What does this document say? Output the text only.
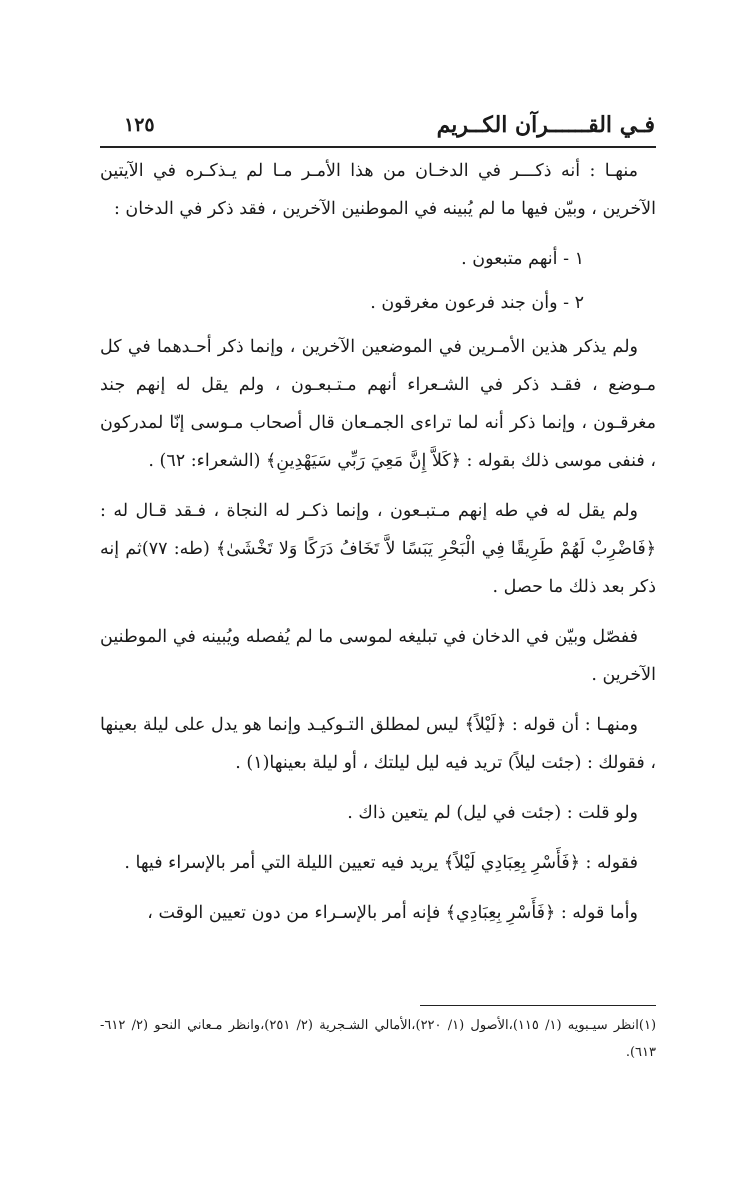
فـي القــــــرآن الكــريم
١٢٥

منهـا : أنه ذكـــر في الدخـان من هذا الأمـر مـا لم يـذكـره في الآيتين الآخرين ، وبيّن فيها ما لم يُبينه في الموطنين الآخرين ، فقد ذكر في الدخان :

١ - أنهم متبعون .

٢ - وأن جند فرعون مغرقون .

ولم يذكر هذين الأمـرين في الموضعين الآخرين ، وإنما ذكر أحـدهما في كل مـوضع ، فقـد ذكر في الشـعراء أنهم مـتـبعـون ، ولم يقل له إنهم جند مغرقـون ، وإنما ذكر أنه لما تراءى الجمـعان قال أصحاب مـوسى إنّا لمدركون ، فنفى موسى ذلك بقوله : ﴿كَلاَّ إِنَّ مَعِيَ رَبِّي سَيَهْدِينِ﴾ (الشعراء: ٦٢) .

ولم يقل له في طه إنهم مـتبـعون ، وإنما ذكـر له النجاة ، فـقد قـال له : ﴿فَاضْرِبْ لَهُمْ طَرِيقًا فِي الْبَحْرِ يَبَسًا لاَّ تَخَافُ دَرَكًا وَلا تَخْشَىٰ﴾ (طه: ٧٧)ثم إنه ذكر بعد ذلك ما حصل .

ففصّل وبيّن في الدخان في تبليغه لموسى ما لم يُفصله ويُبينه في الموطنين الآخرين .

ومنهـا : أن قوله : ﴿لَيْلاً﴾ ليس لمطلق التـوكيـد وإنما هو يدل على ليلة بعينها ، فقولك : (جئت ليلاً) تريد فيه ليل ليلتك ، أو ليلة بعينها(١) .

ولو قلت : (جئت في ليل) لم يتعين ذاك .

فقوله : ﴿فَأَسْرِ بِعِبَادِي لَيْلاً﴾ يريد فيه تعيين الليلة التي أمر بالإسراء فيها .

وأما قوله : ﴿فَأَسْرِ بِعِبَادِي﴾ فإنه أمر بالإسـراء من دون تعيين الوقت ،

(١)انظر سيـبويه (١/ ١١٥)،الأصول (١/ ٢٢٠)،الأمالي الشـجرية (٢/ ٢٥١)،وانظر مـعاني النحو (٢/ ٦١٢- ٦١٣).
